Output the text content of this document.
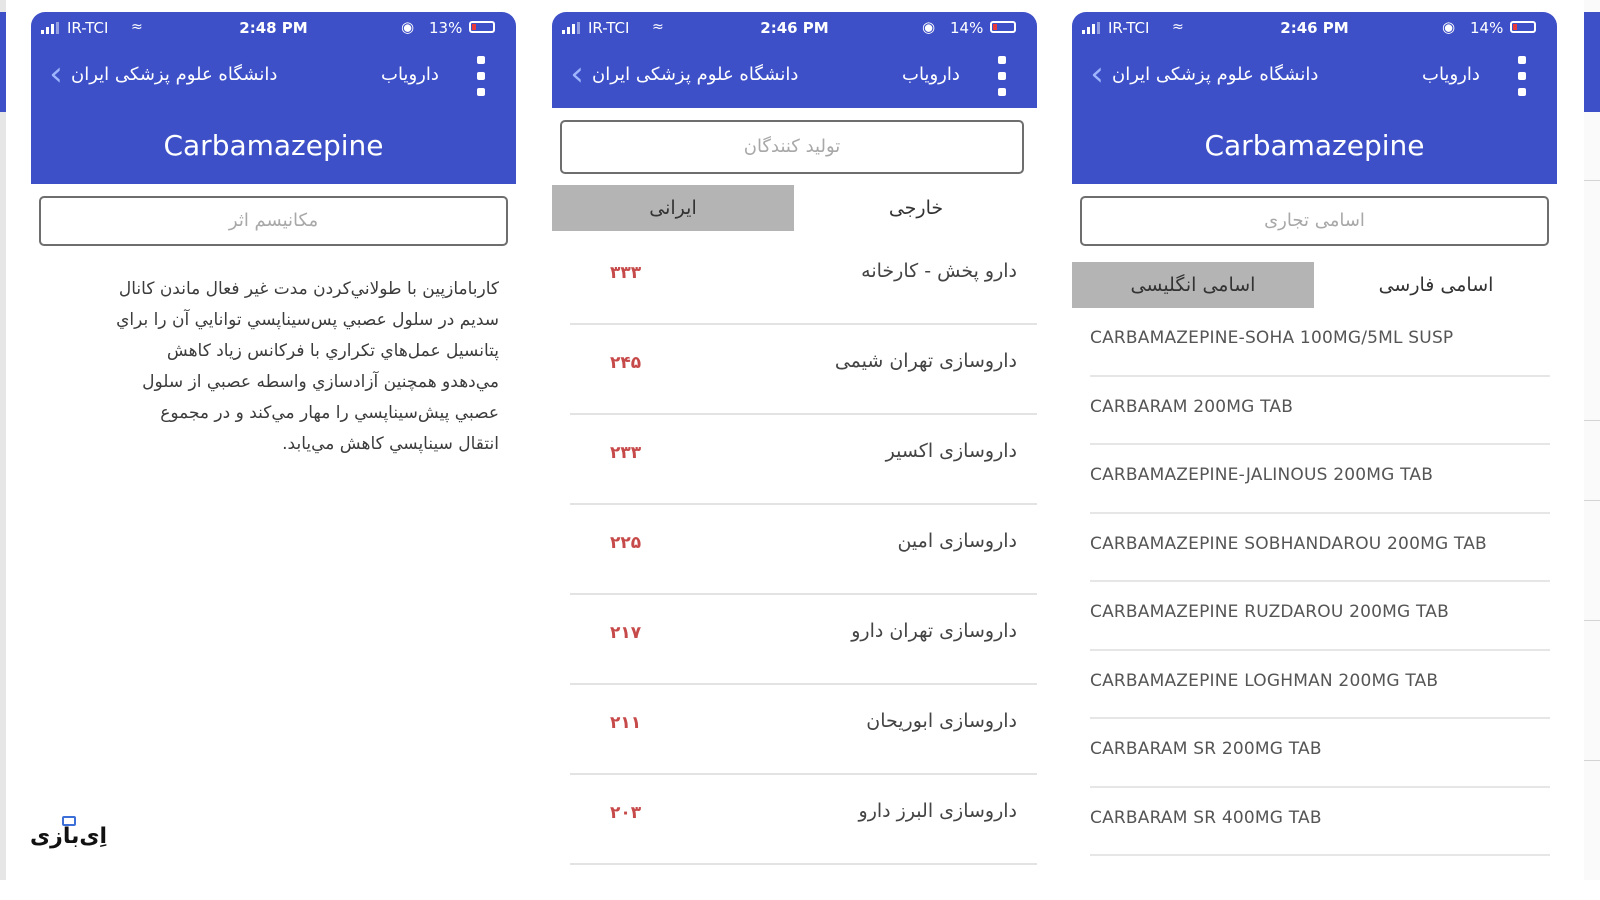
IR-TCI ≈	2:48 PM	◉ 13%
‹ دانشگاه علوم پزشکی ایران	دارویاب
Carbamazepine
مکانیسم اثر
کاربامازپين با طولاني‌کردن مدت غير فعال ماندن کانال
سديم در سلول عصبي پس‌سيناپسي توانايي آن را براي
پتانسيل عمل‌هاي تکراري با فرکانس زياد کاهش
مي‌دهدو همچنين آزادسازي واسطه عصبي از سلول
عصبي پيش‌سيناپسي را مهار مي‌کند و در مجموع
انتقال سيناپسي کاهش مي‌يابد.
IR-TCI ≈	2:46 PM	◉ 14%
‹ دانشگاه علوم پزشکی ایران	دارویاب
تولید کنندگان
ایرانی	خارجی
۳۳۳	دارو پخش - کارخانه
۲۴۵	داروسازی تهران شیمی
۲۳۳	داروسازی اکسیر
۲۲۵	داروسازی امین
۲۱۷	داروسازی تهران دارو
۲۱۱	داروسازی ابوریحان
۲۰۳	داروسازی البرز دارو
IR-TCI ≈	2:46 PM	◉ 14%
‹ دانشگاه علوم پزشکی ایران	دارویاب
Carbamazepine
اسامی تجاری
اسامی انگلیسی	اسامی فارسی
CARBAMAZEPINE-SOHA 100MG/5ML SUSP
CARBARAM 200MG TAB
CARBAMAZEPINE-JALINOUS 200MG TAB
CARBAMAZEPINE SOBHANDAROU 200MG TAB
CARBAMAZEPINE RUZDAROU 200MG TAB
CARBAMAZEPINE LOGHMAN 200MG TAB
CARBARAM SR 200MG TAB
CARBARAM SR 400MG TAB
اِی‌بازی
